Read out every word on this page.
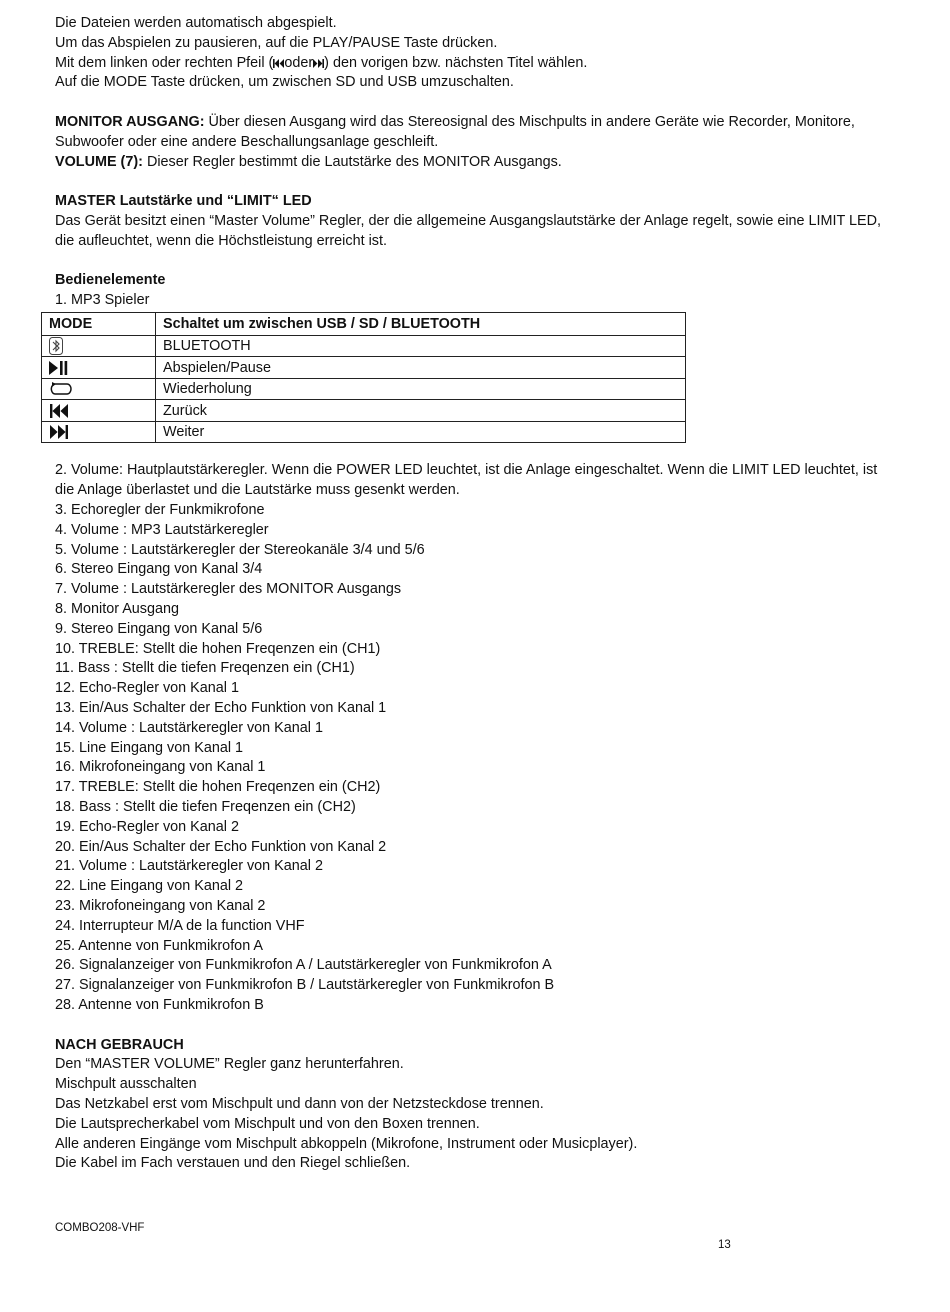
Die Dateien werden automatisch abgespielt.
Um das Abspielen zu pausieren, auf die PLAY/PAUSE Taste drücken.
Mit dem linken oder rechten Pfeil ( oder ) den vorigen bzw. nächsten Titel wählen.
Auf die MODE Taste drücken, um zwischen SD und USB umzuschalten.
MONITOR AUSGANG: Über diesen Ausgang wird das Stereosignal des Mischpults in andere Geräte wie Recorder, Monitore, Subwoofer oder eine andere Beschallungsanlage geschleift.
VOLUME (7): Dieser Regler bestimmt die Lautstärke des MONITOR Ausgangs.
MASTER Lautstärke und “LIMIT“ LED
Das Gerät besitzt einen “Master Volume” Regler, der die allgemeine Ausgangslautstärke der Anlage regelt, sowie eine LIMIT LED, die aufleuchtet, wenn die Höchstleistung erreicht ist.
Bedienelemente
1. MP3 Spieler
MODE	Schaltet um zwischen USB / SD / BLUETOOTH
	BLUETOOTH
	Abspielen/Pause
	Wiederholung
	Zurück
	Weiter
2. Volume: Hautplautstärkeregler. Wenn die POWER LED leuchtet, ist die Anlage eingeschaltet. Wenn die LIMIT LED leuchtet, ist die Anlage überlastet und die Lautstärke muss gesenkt werden.
3. Echoregler der Funkmikrofone
4. Volume : MP3 Lautstärkeregler
5. Volume : Lautstärkeregler der Stereokanäle 3/4 und 5/6
6. Stereo Eingang von Kanal 3/4
7. Volume : Lautstärkeregler des MONITOR Ausgangs
8. Monitor Ausgang
9. Stereo Eingang von Kanal 5/6
10. TREBLE: Stellt die hohen Freqenzen ein (CH1)
11. Bass : Stellt die tiefen Freqenzen ein (CH1)
12. Echo-Regler von Kanal 1
13. Ein/Aus Schalter der Echo Funktion von Kanal 1
14. Volume : Lautstärkeregler von Kanal 1
15. Line Eingang von Kanal 1
16. Mikrofoneingang von Kanal 1
17. TREBLE: Stellt die hohen Freqenzen ein (CH2)
18. Bass : Stellt die tiefen Freqenzen ein (CH2)
19. Echo-Regler von Kanal 2
20. Ein/Aus Schalter der Echo Funktion von Kanal 2
21. Volume : Lautstärkeregler von Kanal 2
22. Line Eingang von Kanal 2
23. Mikrofoneingang von Kanal 2
24. Interrupteur M/A de la function VHF
25. Antenne von Funkmikrofon A
26. Signalanzeiger von Funkmikrofon A / Lautstärkeregler von Funkmikrofon A
27. Signalanzeiger von Funkmikrofon B / Lautstärkeregler von Funkmikrofon B
28. Antenne von Funkmikrofon B
NACH GEBRAUCH
Den “MASTER VOLUME” Regler ganz herunterfahren.
Mischpult ausschalten
Das Netzkabel erst vom Mischpult und dann von der Netzsteckdose trennen.
Die Lautsprecherkabel vom Mischpult und von den Boxen trennen.
Alle anderen Eingänge vom Mischpult abkoppeln (Mikrofone, Instrument oder Musicplayer).
Die Kabel im Fach verstauen und den Riegel schließen.
COMBO208-VHF
13
